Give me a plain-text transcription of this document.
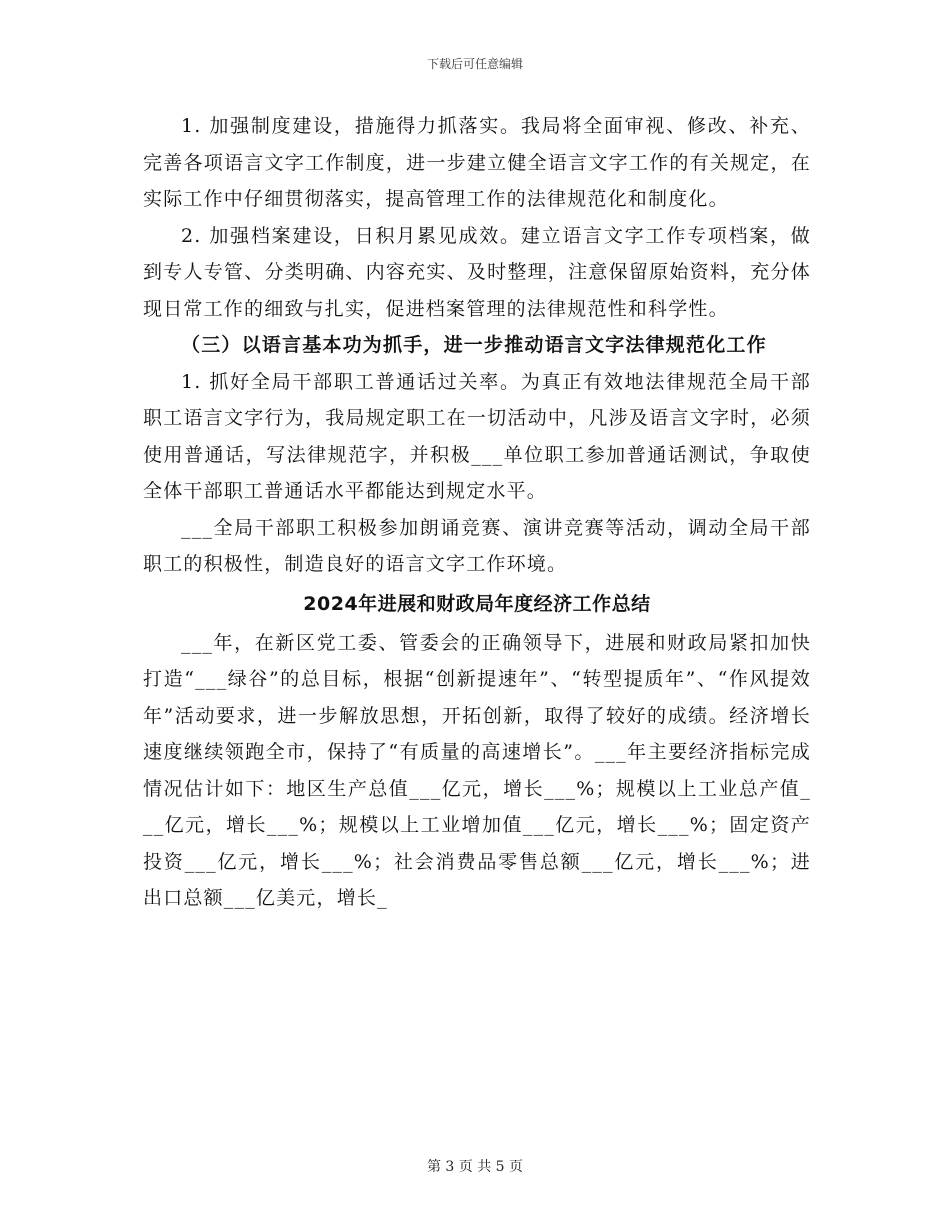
下载后可任意编辑

1. 加强制度建设，措施得力抓落实。我局将全面审视、修改、补充、完善各项语言文字工作制度，进一步建立健全语言文字工作的有关规定，在实际工作中仔细贯彻落实，提高管理工作的法律规范化和制度化。

2. 加强档案建设，日积月累见成效。建立语言文字工作专项档案，做到专人专管、分类明确、内容充实、及时整理，注意保留原始资料，充分体现日常工作的细致与扎实，促进档案管理的法律规范性和科学性。

（三）以语言基本功为抓手，进一步推动语言文字法律规范化工作

1. 抓好全局干部职工普通话过关率。为真正有效地法律规范全局干部职工语言文字行为，我局规定职工在一切活动中，凡涉及语言文字时，必须使用普通话，写法律规范字，并积极___单位职工参加普通话测试，争取使全体干部职工普通话水平都能达到规定水平。

___全局干部职工积极参加朗诵竞赛、演讲竞赛等活动，调动全局干部职工的积极性，制造良好的语言文字工作环境。

2024年进展和财政局年度经济工作总结

___年，在新区党工委、管委会的正确领导下，进展和财政局紧扣加快打造“___绿谷”的总目标，根据“创新提速年”、“转型提质年”、“作风提效年”活动要求，进一步解放思想，开拓创新，取得了较好的成绩。经济增长速度继续领跑全市，保持了“有质量的高速增长”。___年主要经济指标完成情况估计如下：地区生产总值___亿元，增长___%；规模以上工业总产值___亿元，增长___%；规模以上工业增加值___亿元，增长___%；固定资产投资___亿元，增长___%；社会消费品零售总额___亿元，增长___%；进出口总额___亿美元，增长_

第 3 页 共 5 页
